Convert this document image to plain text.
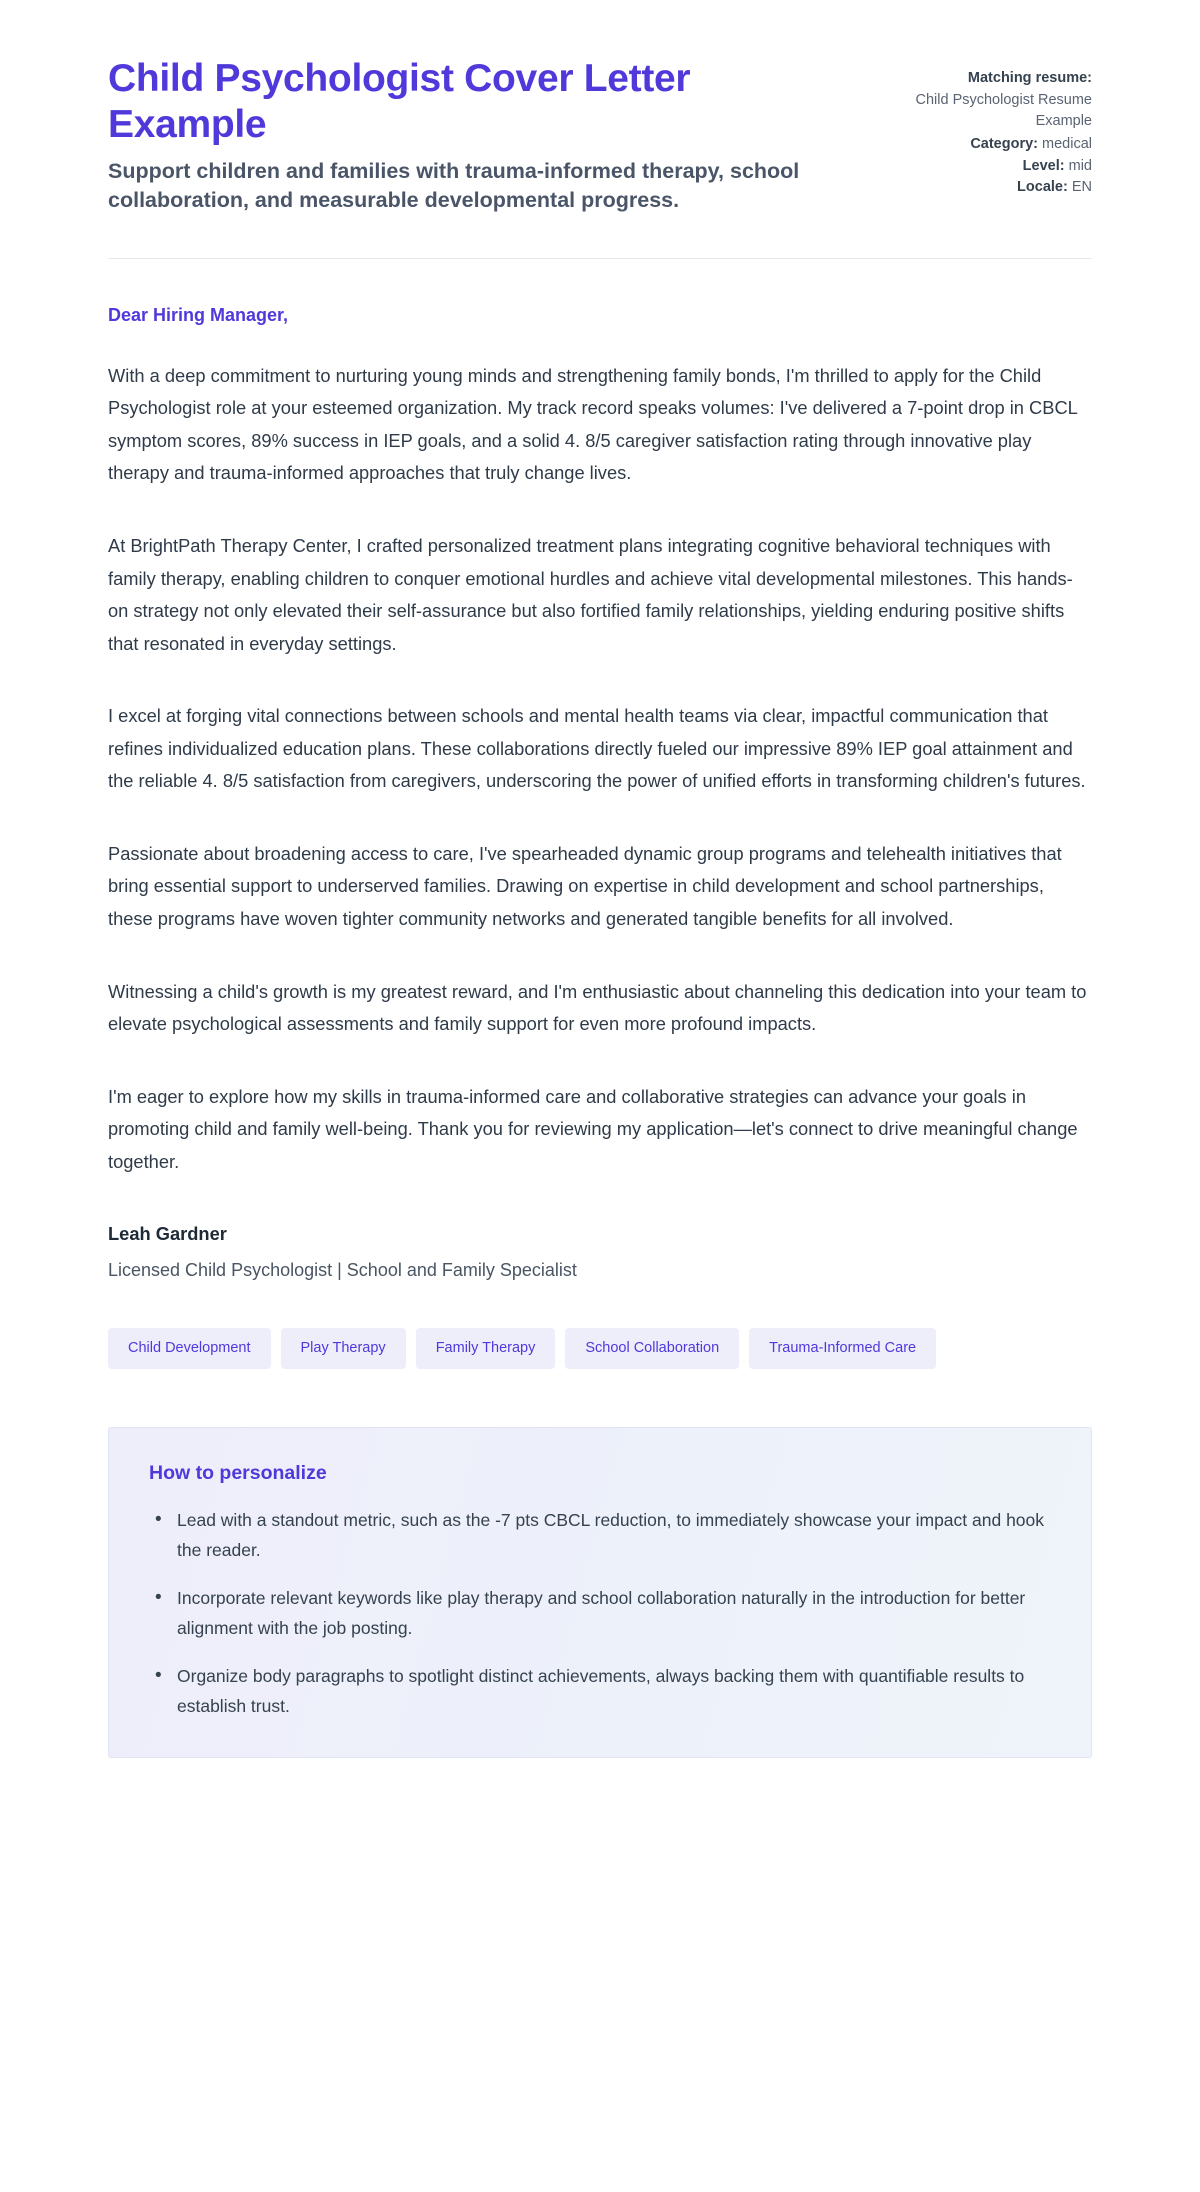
Child Psychologist Cover Letter Example

Support children and families with trauma-informed therapy, school collaboration, and measurable developmental progress.

Matching resume:
Child Psychologist Resume Example
Category: medical
Level: mid
Locale: EN

Dear Hiring Manager,

With a deep commitment to nurturing young minds and strengthening family bonds, I'm thrilled to apply for the Child Psychologist role at your esteemed organization. My track record speaks volumes: I've delivered a 7-point drop in CBCL symptom scores, 89% success in IEP goals, and a solid 4. 8/5 caregiver satisfaction rating through innovative play therapy and trauma-informed approaches that truly change lives.

At BrightPath Therapy Center, I crafted personalized treatment plans integrating cognitive behavioral techniques with family therapy, enabling children to conquer emotional hurdles and achieve vital developmental milestones. This hands-on strategy not only elevated their self-assurance but also fortified family relationships, yielding enduring positive shifts that resonated in everyday settings.

I excel at forging vital connections between schools and mental health teams via clear, impactful communication that refines individualized education plans. These collaborations directly fueled our impressive 89% IEP goal attainment and the reliable 4. 8/5 satisfaction from caregivers, underscoring the power of unified efforts in transforming children's futures.

Passionate about broadening access to care, I've spearheaded dynamic group programs and telehealth initiatives that bring essential support to underserved families. Drawing on expertise in child development and school partnerships, these programs have woven tighter community networks and generated tangible benefits for all involved.

Witnessing a child's growth is my greatest reward, and I'm enthusiastic about channeling this dedication into your team to elevate psychological assessments and family support for even more profound impacts.

I'm eager to explore how my skills in trauma-informed care and collaborative strategies can advance your goals in promoting child and family well-being. Thank you for reviewing my application—let's connect to drive meaningful change together.

Leah Gardner

Licensed Child Psychologist | School and Family Specialist

Child Development	Play Therapy	Family Therapy	School Collaboration	Trauma-Informed Care
How to personalize
• Lead with a standout metric, such as the -7 pts CBCL reduction, to immediately showcase your impact and hook the reader.
• Incorporate relevant keywords like play therapy and school collaboration naturally in the introduction for better alignment with the job posting.
• Organize body paragraphs to spotlight distinct achievements, always backing them with quantifiable results to establish trust.
